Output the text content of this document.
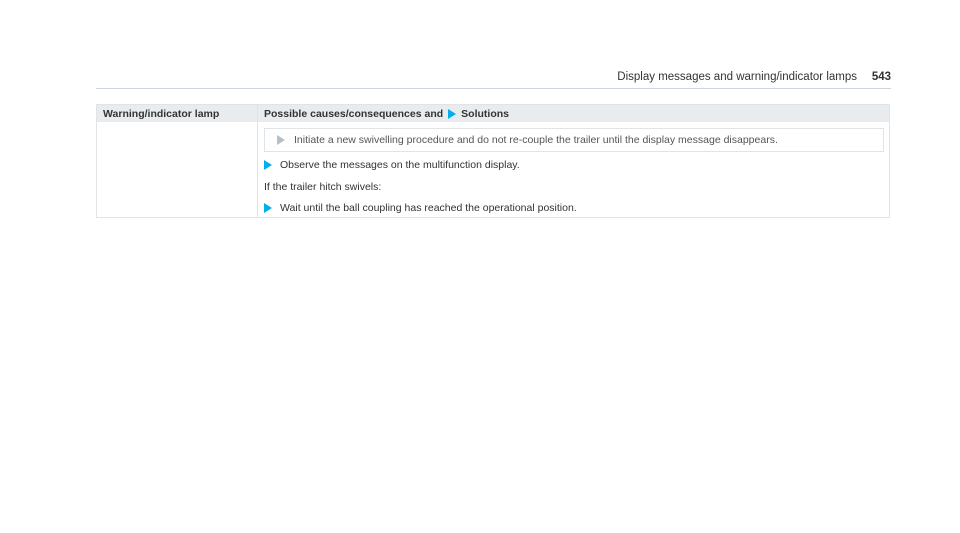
Display messages and warning/indicator lamps 543
Warning/indicator lamp	Possible causes/consequences and Solutions
Initiate a new swivelling procedure and do not re-couple the trailer until the display message disappears.
Observe the messages on the multifunction display.
If the trailer hitch swivels:
Wait until the ball coupling has reached the operational position.
